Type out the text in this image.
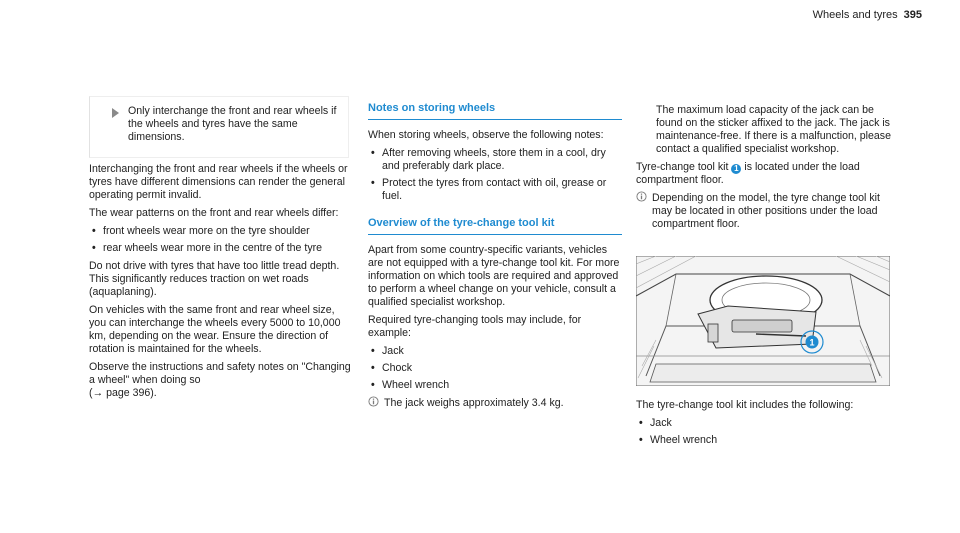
Wheels and tyres 395
Only interchange the front and rear wheels if the wheels and tyres have the same dimensions.

Interchanging the front and rear wheels if the wheels or tyres have different dimensions can render the general operating permit invalid.

The wear patterns on the front and rear wheels differ:

• front wheels wear more on the tyre shoulder
• rear wheels wear more in the centre of the tyre

Do not drive with tyres that have too little tread depth. This significantly reduces traction on wet roads (aquaplaning).

On vehicles with the same front and rear wheel size, you can interchange the wheels every 5000 to 10,000 km, depending on the wear. Ensure the direction of rotation is maintained for the wheels.

Observe the instructions and safety notes on "Changing a wheel" when doing so

(→ page 396).

Notes on storing wheels

When storing wheels, observe the following notes:

• After removing wheels, store them in a cool, dry and preferably dark place.
• Protect the tyres from contact with oil, grease or fuel.
Overview of the tyre-change tool kit

Apart from some country-specific variants, vehicles are not equipped with a tyre-change tool kit. For more information on which tools are required and approved to perform a wheel change on your vehicle, consult a qualified specialist workshop.

Required tyre-changing tools may include, for example:

• Jack
• Chock
• Wheel wrench
The jack weighs approximately 3.4 kg.

The maximum load capacity of the jack can be found on the sticker affixed to the jack. The jack is maintenance-free. If there is a malfunction, please contact a qualified specialist workshop.

Tyre-change tool kit 1 is located under the load compartment floor.

Depending on the model, the tyre change tool kit may be located in other positions under the load compartment floor.
1

The tyre-change tool kit includes the following:

• Jack
• Wheel wrench
